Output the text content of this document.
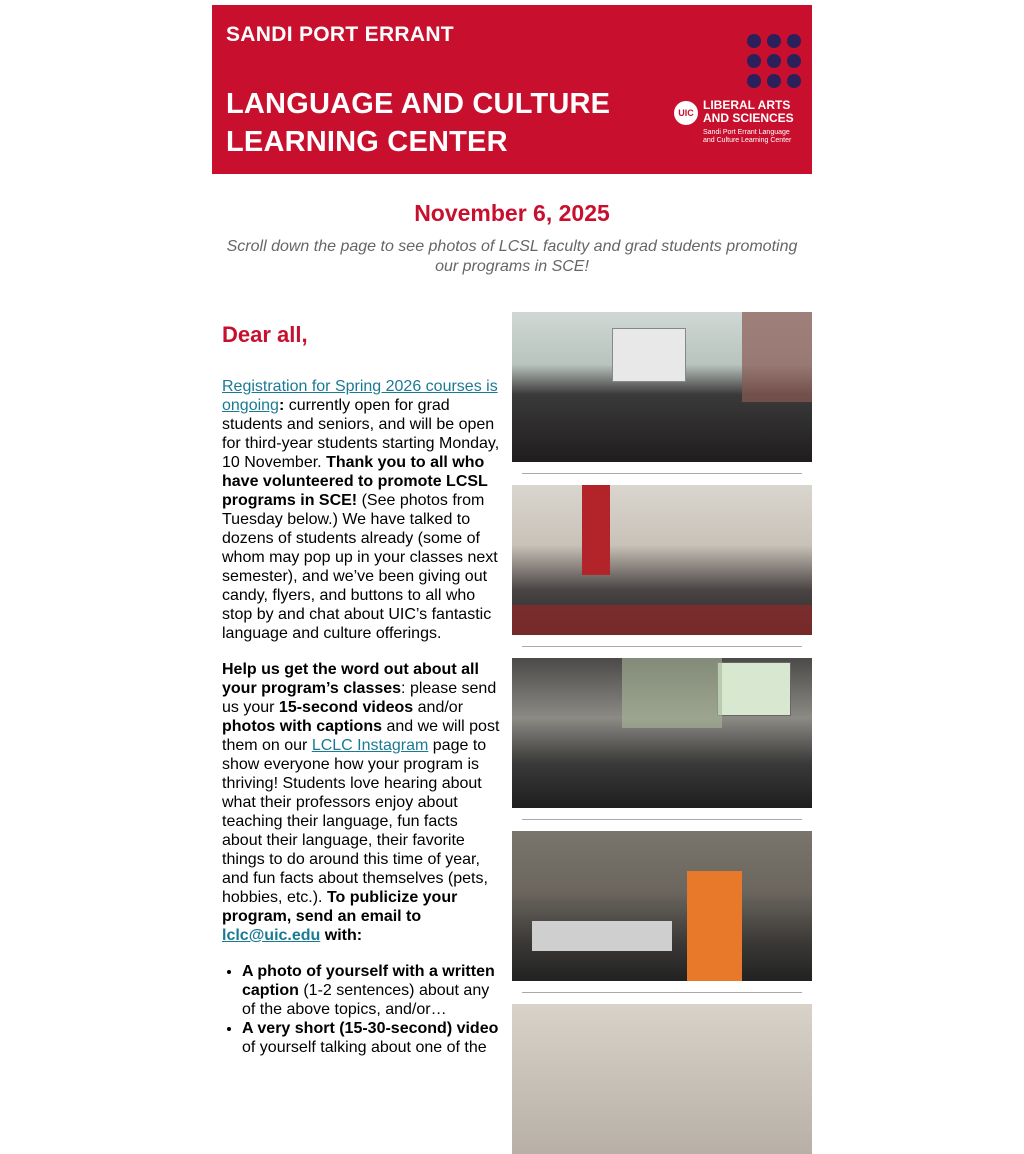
SANDI PORT ERRANT
LANGUAGE AND CULTURE
LEARNING CENTER
UIC
LIBERAL ARTS
AND SCIENCES
Sandi Port Errant Language and Culture Learning Center
November 6, 2025
Scroll down the page to see photos of LCSL faculty and grad students promoting our programs in SCE!
Dear all,

Registration for Spring 2026 courses is ongoing: currently open for grad students and seniors, and will be open for third-year students starting Monday, 10 November. Thank you to all who have volunteered to promote LCSL programs in SCE! (See photos from Tuesday below.) We have talked to dozens of students already (some of whom may pop up in your classes next semester), and we’ve been giving out candy, flyers, and buttons to all who stop by and chat about UIC’s fantastic language and culture offerings.

Help us get the word out about all your program’s classes: please send us your 15-second videos and/or photos with captions and we will post them on our LCLC Instagram page to show everyone how your program is thriving! Students love hearing about what their professors enjoy about teaching their language, fun facts about their language, their favorite things to do around this time of year, and fun facts about themselves (pets, hobbies, etc.). To publicize your program, send an email to lclc@uic.edu with:

• A photo of yourself with a written caption (1-2 sentences) about any of the above topics, and/or…
• A very short (15-30-second) video of yourself talking about one of the
